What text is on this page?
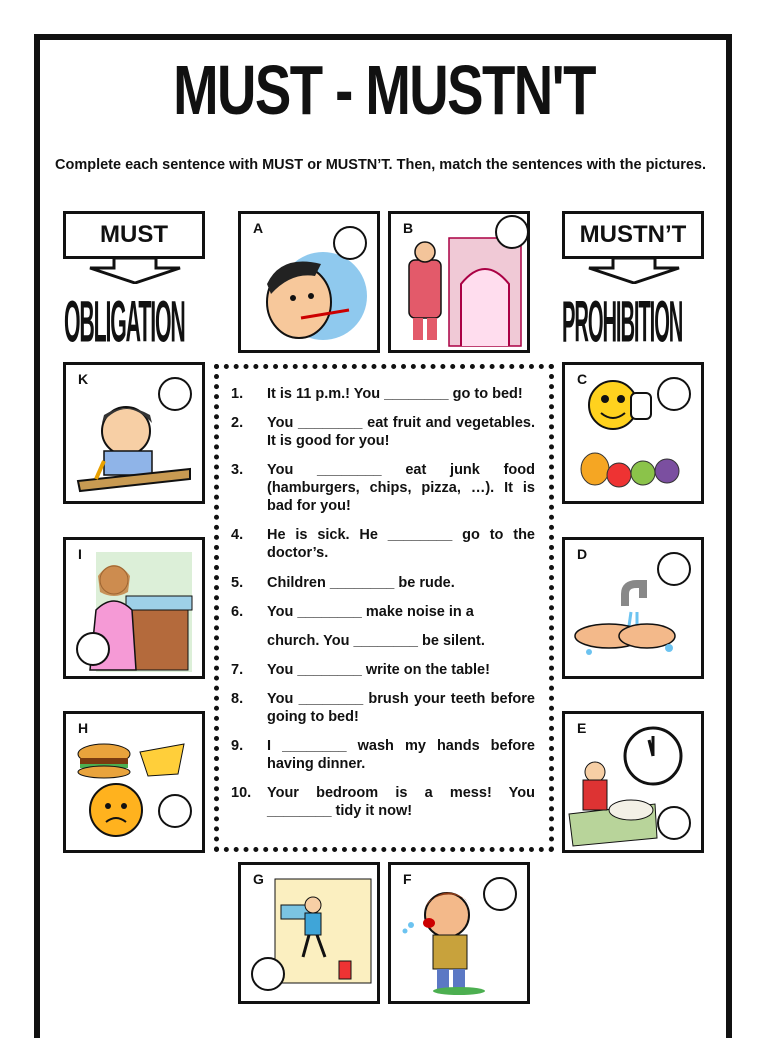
MUST - MUSTN'T
Complete each sentence with MUST or MUSTN’T. Then, match the sentences with the pictures.
MUST
OBLIGATION
MUSTN’T
PROHIBITION
A	B
K	C
I	D
H	E
G	F
1.	It is 11 p.m.! You ________ go to bed!
2.	You ________ eat fruit and vegetables. It is good for you!
3.	You ________ eat junk food (hamburgers, chips, pizza, …). It is bad for you!
4.	He is sick. He ________ go to the doctor’s.
5.	Children ________ be rude.
6.	You ________ make noise in a
church. You ________ be silent.
7.	You ________ write on the table!
8.	You ________ brush your teeth before going to bed!
9.	I ________ wash my hands before having dinner.
10.	Your bedroom is a mess! You ________ tidy it now!
